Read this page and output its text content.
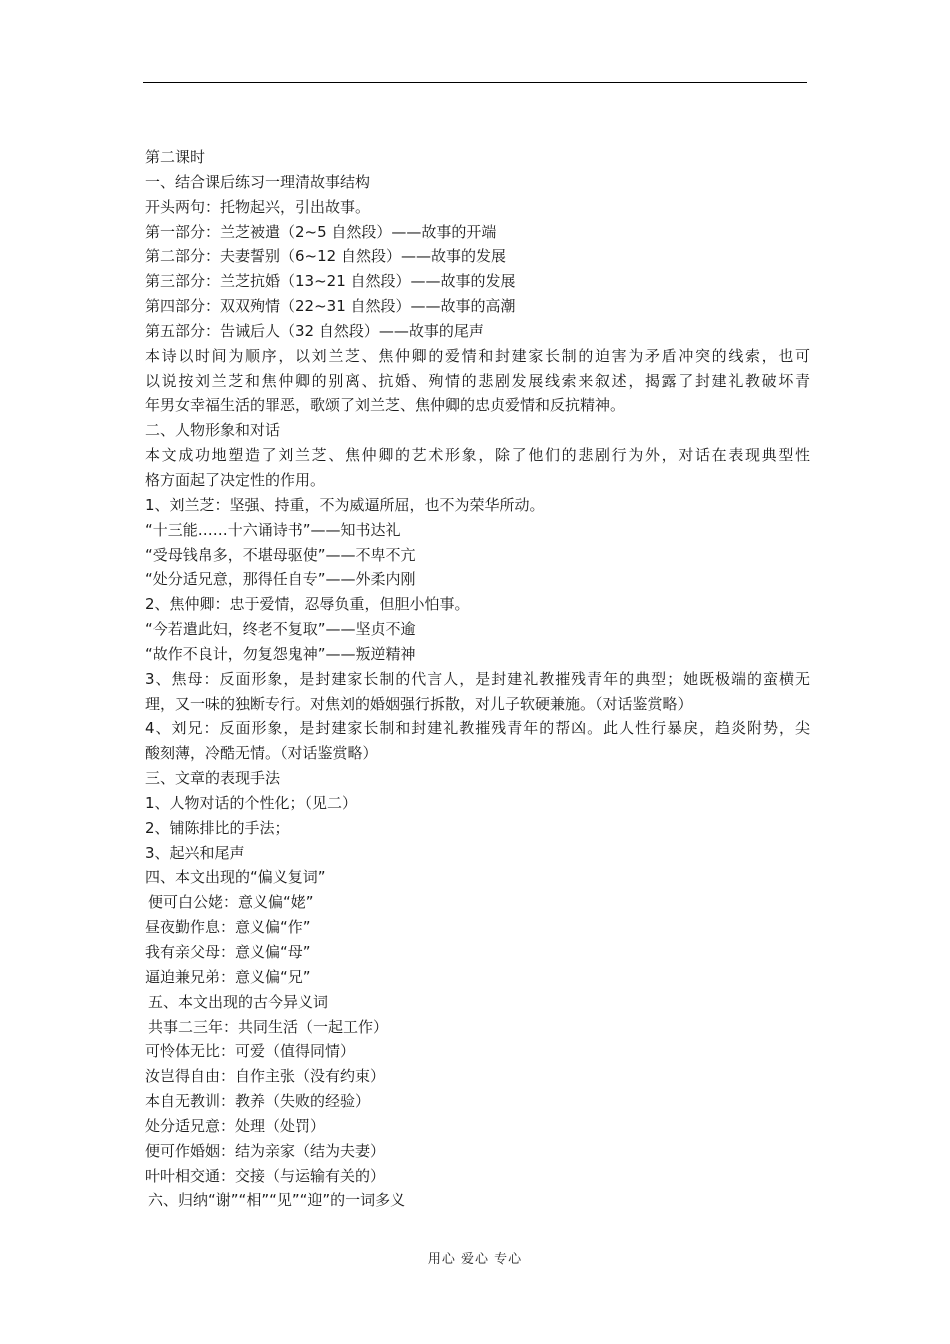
第二课时
一、结合课后练习一理清故事结构
开头两句：托物起兴，引出故事。
第一部分：兰芝被遣（2~5 自然段）——故事的开端
第二部分：夫妻誓别（6~12 自然段）——故事的发展
第三部分：兰芝抗婚（13~21 自然段）——故事的发展
第四部分：双双殉情（22~31 自然段）——故事的高潮
第五部分：告诫后人（32 自然段）——故事的尾声
本诗以时间为顺序，以刘兰芝、焦仲卿的爱情和封建家长制的迫害为矛盾冲突的线索，也可
以说按刘兰芝和焦仲卿的别离、抗婚、殉情的悲剧发展线索来叙述，揭露了封建礼教破坏青
年男女幸福生活的罪恶，歌颂了刘兰芝、焦仲卿的忠贞爱情和反抗精神。
二、人物形象和对话
本文成功地塑造了刘兰芝、焦仲卿的艺术形象，除了他们的悲剧行为外，对话在表现典型性
格方面起了决定性的作用。
1、刘兰芝：坚强、持重，不为威逼所屈，也不为荣华所动。
“十三能……十六诵诗书”——知书达礼
“受母钱帛多，不堪母驱使”——不卑不亢
“处分适兄意，那得任自专”——外柔内刚
2、焦仲卿：忠于爱情，忍辱负重，但胆小怕事。
“今若遣此妇，终老不复取”——坚贞不逾
“故作不良计，勿复怨鬼神”——叛逆精神
3、焦母：反面形象，是封建家长制的代言人，是封建礼教摧残青年的典型；她既极端的蛮横无
理，又一味的独断专行。对焦刘的婚姻强行拆散，对儿子软硬兼施。（对话鉴赏略）
4、刘兄：反面形象，是封建家长制和封建礼教摧残青年的帮凶。此人性行暴戾，趋炎附势，尖
酸刻薄，冷酷无情。（对话鉴赏略）
三、文章的表现手法
1、人物对话的个性化；（见二）
2、铺陈排比的手法；
3、起兴和尾声
四、本文出现的“偏义复词”
便可白公姥：意义偏“姥”
昼夜勤作息：意义偏“作”
我有亲父母：意义偏“母”
逼迫兼兄弟：意义偏“兄”
五、本文出现的古今异义词
共事二三年：共同生活（一起工作）
可怜体无比：可爱（值得同情）
汝岂得自由：自作主张（没有约束）
本自无教训：教养（失败的经验）
处分适兄意：处理（处罚）
便可作婚姻：结为亲家（结为夫妻）
叶叶相交通：交接（与运输有关的）
六、归纳“谢”“相”“见”“迎”的一词多义
用心 爱心 专心
